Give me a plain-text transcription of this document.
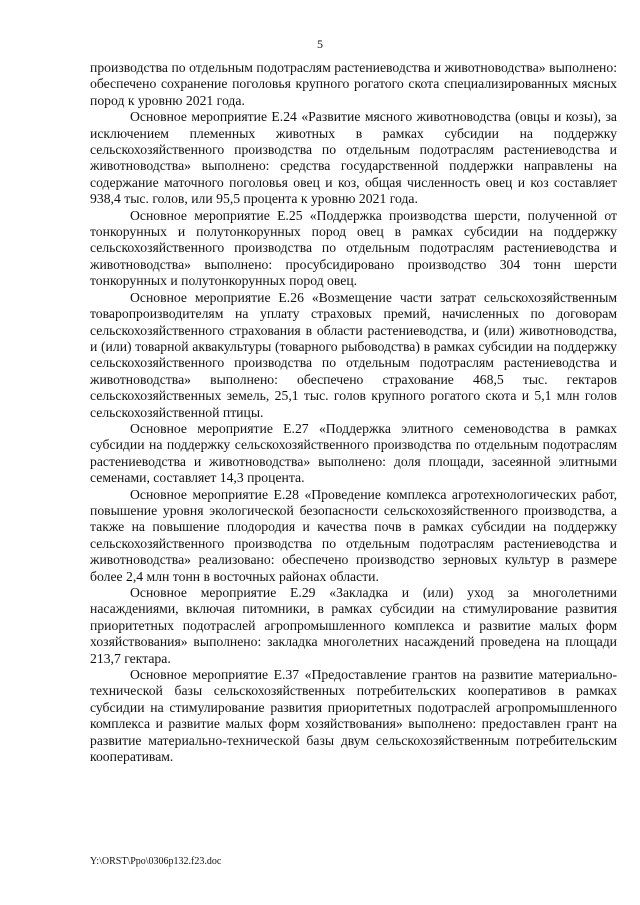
5

производства по отдельным подотраслям растениеводства и животноводства» выполнено: обеспечено сохранение поголовья крупного рогатого скота специализированных мясных пород к уровню 2021 года.

Основное мероприятие Е.24 «Развитие мясного животноводства (овцы и козы), за исключением племенных животных в рамках субсидии на поддержку сельскохозяйственного производства по отдельным подотраслям растениеводства и животноводства» выполнено: средства государственной поддержки направлены на содержание маточного поголовья овец и коз, общая численность овец и коз составляет 938,4 тыс. голов, или 95,5 процента к уровню 2021 года.

Основное мероприятие Е.25 «Поддержка производства шерсти, полученной от тонкорунных и полутонкорунных пород овец в рамках субсидии на поддержку сельскохозяйственного производства по отдельным подотраслям растениеводства и животноводства» выполнено: просубсидировано производство 304 тонн шерсти тонкорунных и полутонкорунных пород овец.

Основное мероприятие Е.26 «Возмещение части затрат сельскохозяйственным товаропроизводителям на уплату страховых премий, начисленных по договорам сельскохозяйственного страхования в области растениеводства, и (или) животноводства, и (или) товарной аквакультуры (товарного рыбоводства) в рамках субсидии на поддержку сельскохозяйственного производства по отдельным подотраслям растениеводства и животноводства» выполнено: обеспечено страхование 468,5 тыс. гектаров сельскохозяйственных земель, 25,1 тыс. голов крупного рогатого скота и 5,1 млн голов сельскохозяйственной птицы.

Основное мероприятие Е.27 «Поддержка элитного семеноводства в рамках субсидии на поддержку сельскохозяйственного производства по отдельным подотраслям растениеводства и животноводства» выполнено: доля площади, засеянной элитными семенами, составляет 14,3 процента.

Основное мероприятие Е.28 «Проведение комплекса агротехнологических работ, повышение уровня экологической безопасности сельскохозяйственного производства, а также на повышение плодородия и качества почв в рамках субсидии на поддержку сельскохозяйственного производства по отдельным подотраслям растениеводства и животноводства» реализовано: обеспечено производство зерновых культур в размере более 2,4 млн тонн в восточных районах области.

Основное мероприятие Е.29 «Закладка и (или) уход за многолетними насаждениями, включая питомники, в рамках субсидии на стимулирование развития приоритетных подотраслей агропромышленного комплекса и развитие малых форм хозяйствования» выполнено: закладка многолетних насаждений проведена на площади 213,7 гектара.

Основное мероприятие Е.37 «Предоставление грантов на развитие материально-технической базы сельскохозяйственных потребительских кооперативов в рамках субсидии на стимулирование развития приоритетных подотраслей агропромышленного комплекса и развитие малых форм хозяйствования» выполнено: предоставлен грант на развитие материально-технической базы двум сельскохозяйственным потребительским кооперативам.

Y:\ORST\Ppo\0306p132.f23.doc
